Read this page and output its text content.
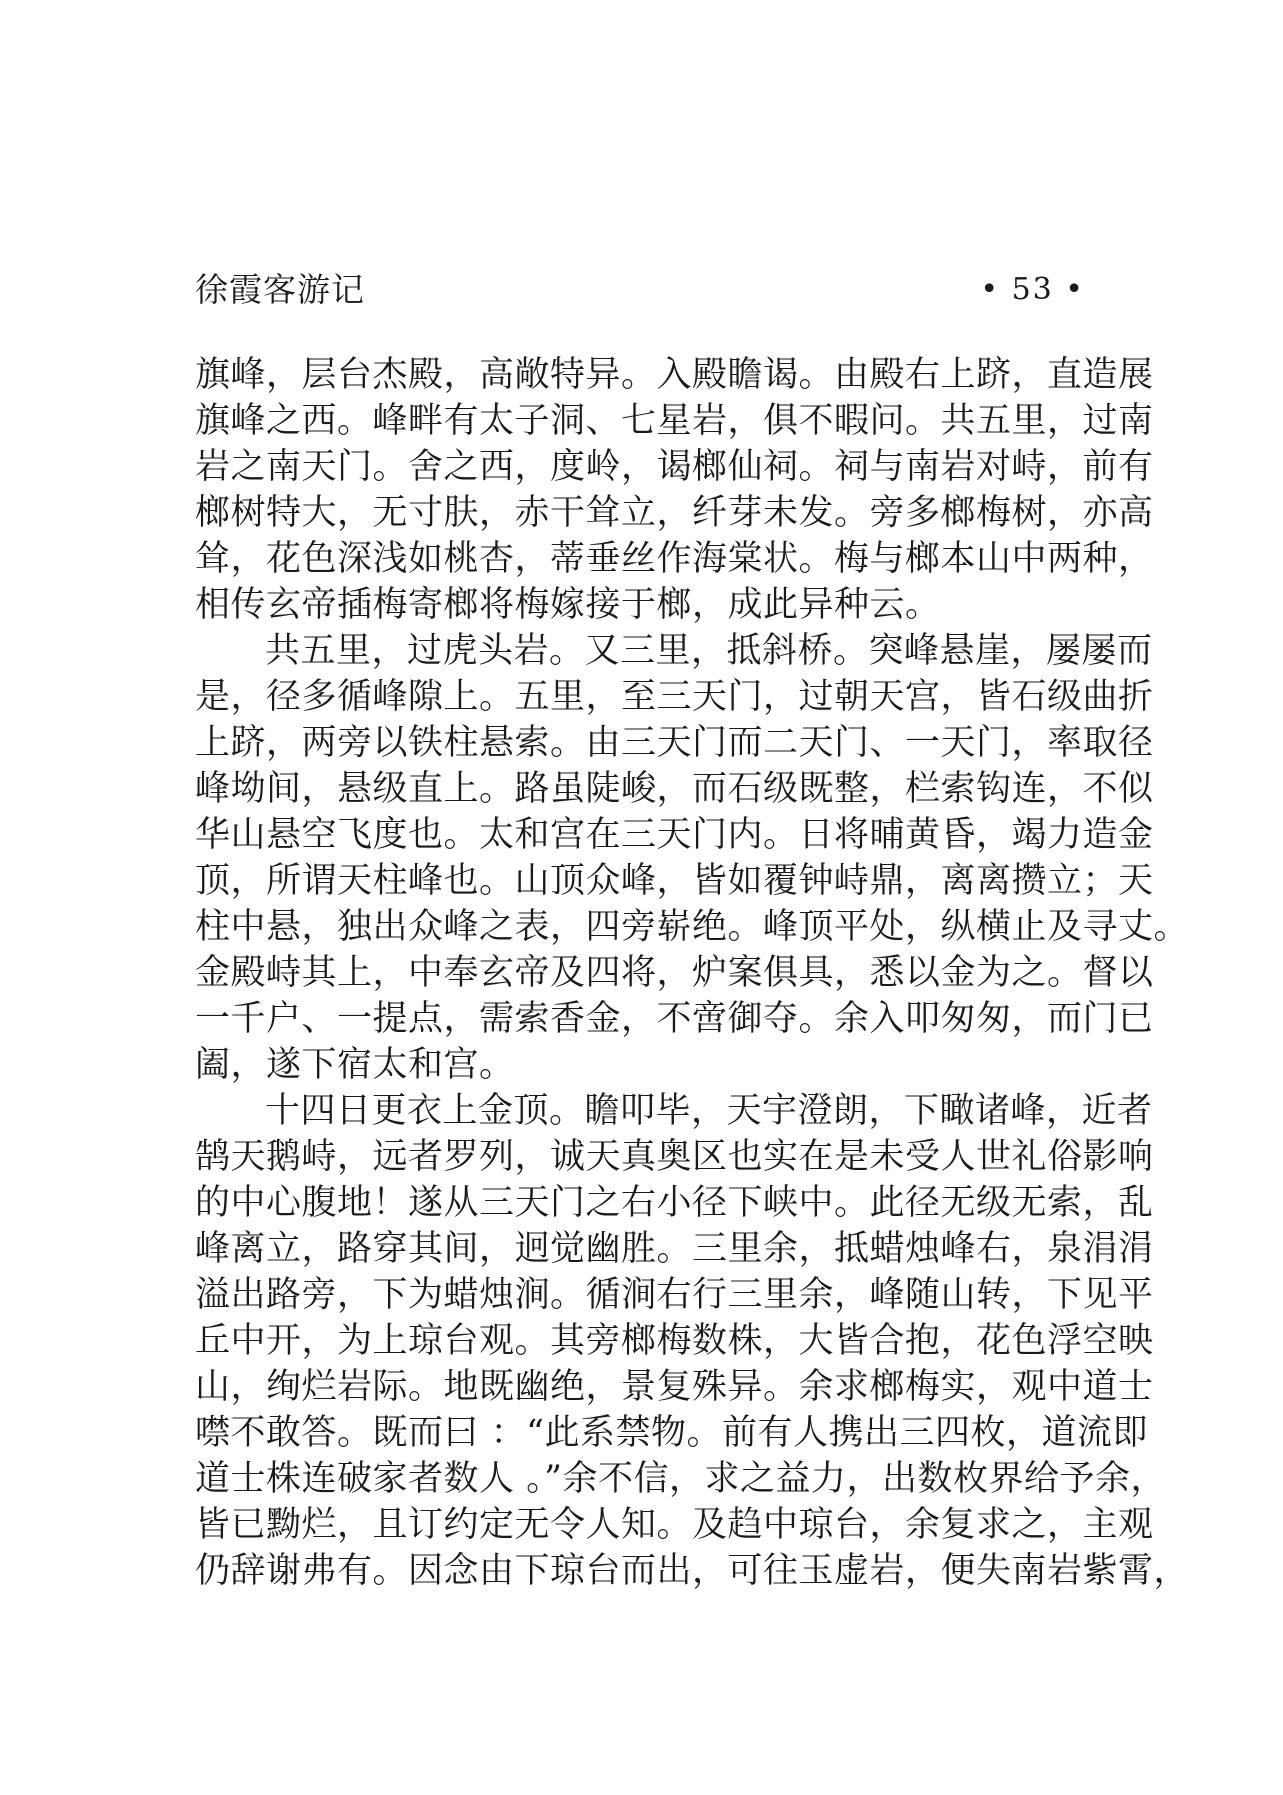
徐霞客游记	• 53 •
旗峰，层台杰殿，高敞特异。入殿瞻谒。由殿右上跻，直造展
旗峰之西。峰畔有太子洞、七星岩，俱不暇问。共五里，过南
岩之南天门。舍之西，度岭，谒榔仙祠。祠与南岩对峙，前有
榔树特大，无寸肤，赤干耸立，纤芽未发。旁多榔梅树，亦高
耸，花色深浅如桃杏，蒂垂丝作海棠状。梅与榔本山中两种，
相传玄帝插梅寄榔将梅嫁接于榔，成此异种云。
共五里，过虎头岩。又三里，抵斜桥。突峰悬崖，屡屡而
是，径多循峰隙上。五里，至三天门，过朝天宫，皆石级曲折
上跻，两旁以铁柱悬索。由三天门而二天门、一天门，率取径
峰坳间，悬级直上。路虽陡峻，而石级既整，栏索钩连，不似
华山悬空飞度也。太和宫在三天门内。日将晡黄昏，竭力造金
顶，所谓天柱峰也。山顶众峰，皆如覆钟峙鼎，离离攒立；天
柱中悬，独出众峰之表，四旁崭绝。峰顶平处，纵横止及寻丈。
金殿峙其上，中奉玄帝及四将，炉案俱具，悉以金为之。督以
一千户、一提点，需索香金，不啻御夺。余入叩匆匆，而门已
阖，遂下宿太和宫。
十四日更衣上金顶。瞻叩毕，天宇澄朗，下瞰诸峰，近者
鹄天鹅峙，远者罗列，诚天真奥区也实在是未受人世礼俗影响
的中心腹地！遂从三天门之右小径下峡中。此径无级无索，乱
峰离立，路穿其间，迥觉幽胜。三里余，抵蜡烛峰右，泉涓涓
溢出路旁，下为蜡烛涧。循涧右行三里余，峰随山转，下见平
丘中开，为上琼台观。其旁榔梅数株，大皆合抱，花色浮空映
山，绚烂岩际。地既幽绝，景复殊异。余求榔梅实，观中道士
噤不敢答。既而曰 ：“此系禁物。前有人携出三四枚，道流即
道士株连破家者数人 。”余不信，求之益力，出数枚界给予余，
皆已黝烂，且订约定无令人知。及趋中琼台，余复求之，主观
仍辞谢弗有。因念由下琼台而出，可往玉虚岩，便失南岩紫霄，
